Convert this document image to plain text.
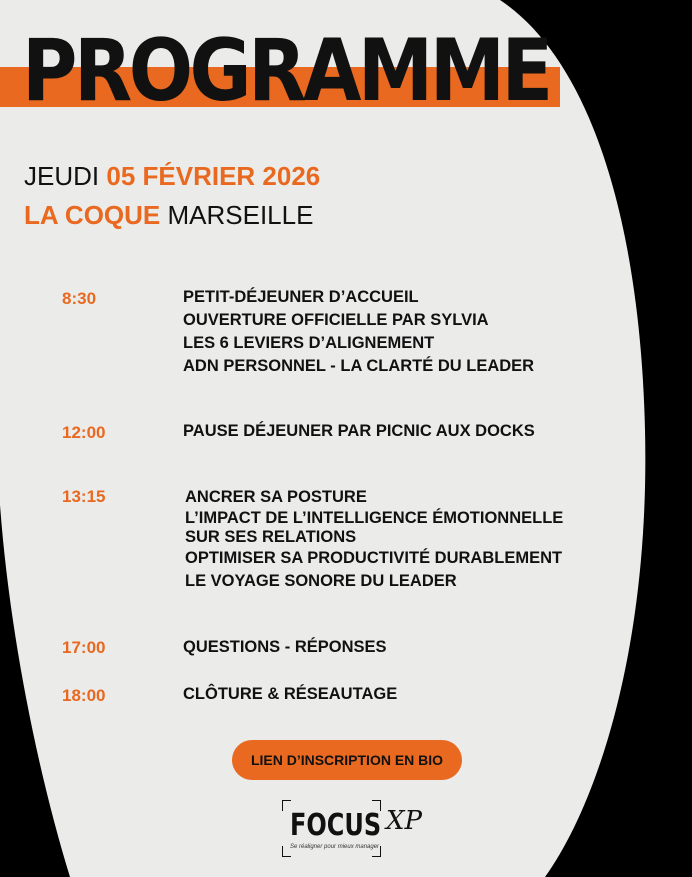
PROGRAMME
JEUDI 05 FÉVRIER 2026
LA COQUE MARSEILLE
8:30	PETIT-DÉJEUNER D’ACCUEIL
OUVERTURE OFFICIELLE PAR SYLVIA
LES 6 LEVIERS D’ALIGNEMENT
ADN PERSONNEL - LA CLARTÉ DU LEADER
12:00	PAUSE DÉJEUNER PAR PICNIC AUX DOCKS
13:15	ANCRER SA POSTURE
L’IMPACT DE L’INTELLIGENCE ÉMOTIONNELLE
SUR SES RELATIONS
OPTIMISER SA PRODUCTIVITÉ DURABLEMENT
LE VOYAGE SONORE DU LEADER
17:00	QUESTIONS - RÉPONSES
18:00	CLÔTURE & RÉSEAUTAGE
LIEN D’INSCRIPTION EN BIO
FOCUS XP
Se réaligner pour mieux manager
